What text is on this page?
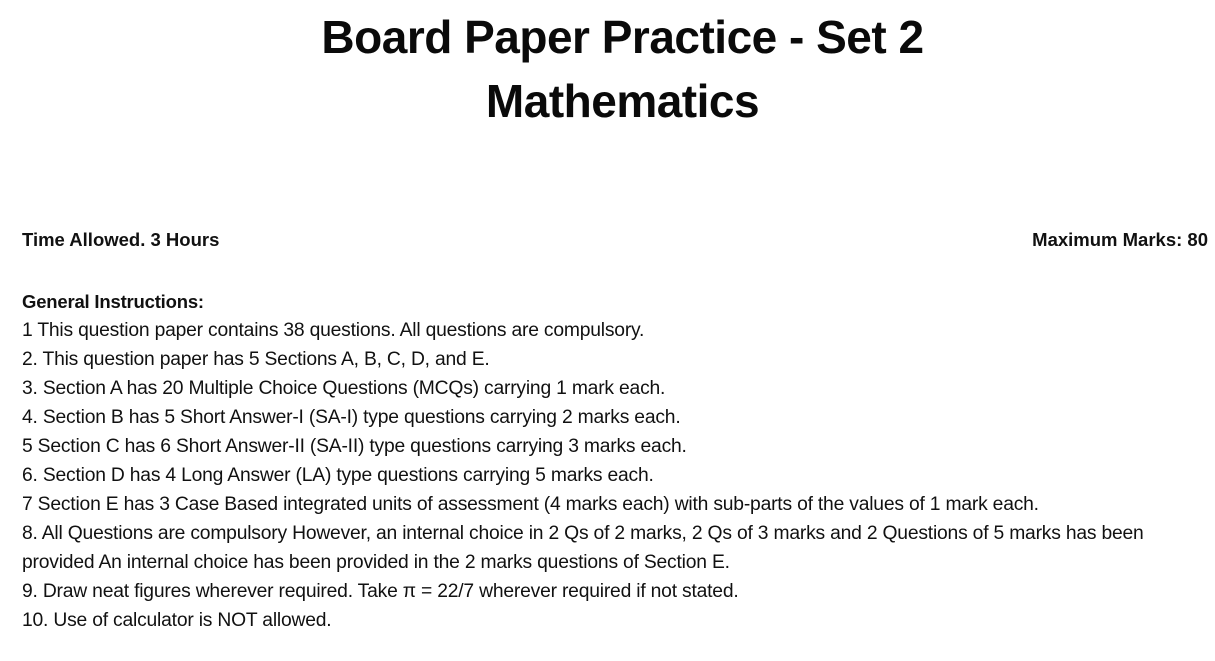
Board Paper Practice - Set 2
Mathematics
Time Allowed. 3 Hours	Maximum Marks: 80
General Instructions:
1 This question paper contains 38 questions. All questions are compulsory.
2. This question paper has 5 Sections A, B, C, D, and E.
3. Section A has 20 Multiple Choice Questions (MCQs) carrying 1 mark each.
4. Section B has 5 Short Answer-I (SA-I) type questions carrying 2 marks each.
5 Section C has 6 Short Answer-II (SA-II) type questions carrying 3 marks each.
6. Section D has 4 Long Answer (LA) type questions carrying 5 marks each.
7 Section E has 3 Case Based integrated units of assessment (4 marks each) with sub-parts of the values of 1 mark each.
8. All Questions are compulsory However, an internal choice in 2 Qs of 2 marks, 2 Qs of 3 marks and 2 Questions of 5 marks has been provided An internal choice has been provided in the 2 marks questions of Section E.
9. Draw neat figures wherever required. Take π = 22/7 wherever required if not stated.
10. Use of calculator is NOT allowed.
